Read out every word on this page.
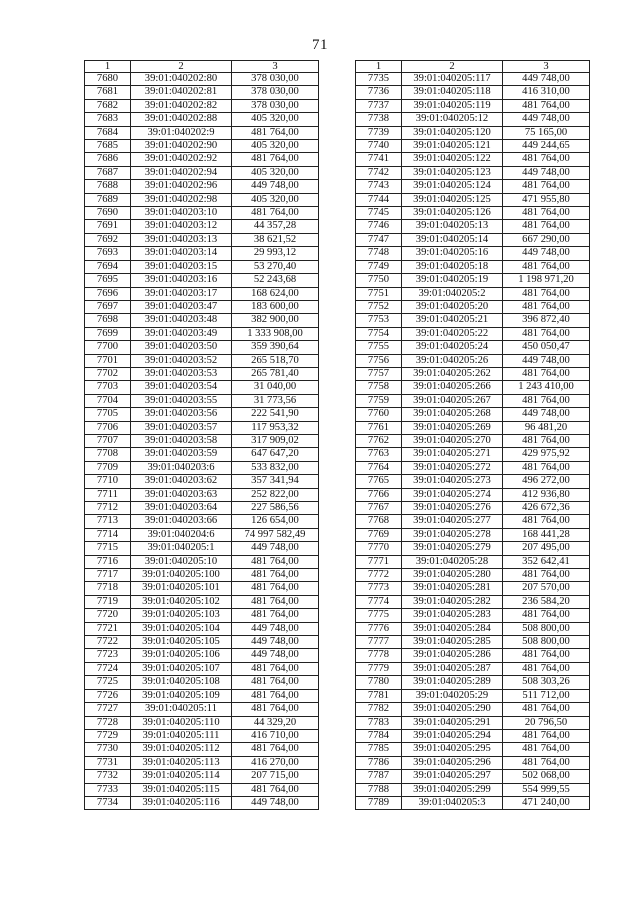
71
1	2	3
7680	39:01:040202:80	378 030,00
7681	39:01:040202:81	378 030,00
7682	39:01:040202:82	378 030,00
7683	39:01:040202:88	405 320,00
7684	39:01:040202:9	481 764,00
7685	39:01:040202:90	405 320,00
7686	39:01:040202:92	481 764,00
7687	39:01:040202:94	405 320,00
7688	39:01:040202:96	449 748,00
7689	39:01:040202:98	405 320,00
7690	39:01:040203:10	481 764,00
7691	39:01:040203:12	44 357,28
7692	39:01:040203:13	38 621,52
7693	39:01:040203:14	29 993,12
7694	39:01:040203:15	53 270,40
7695	39:01:040203:16	52 243,68
7696	39:01:040203:17	168 624,00
7697	39:01:040203:47	183 600,00
7698	39:01:040203:48	382 900,00
7699	39:01:040203:49	1 333 908,00
7700	39:01:040203:50	359 390,64
7701	39:01:040203:52	265 518,70
7702	39:01:040203:53	265 781,40
7703	39:01:040203:54	31 040,00
7704	39:01:040203:55	31 773,56
7705	39:01:040203:56	222 541,90
7706	39:01:040203:57	117 953,32
7707	39:01:040203:58	317 909,02
7708	39:01:040203:59	647 647,20
7709	39:01:040203:6	533 832,00
7710	39:01:040203:62	357 341,94
7711	39:01:040203:63	252 822,00
7712	39:01:040203:64	227 586,56
7713	39:01:040203:66	126 654,00
7714	39:01:040204:6	74 997 582,49
7715	39:01:040205:1	449 748,00
7716	39:01:040205:10	481 764,00
7717	39:01:040205:100	481 764,00
7718	39:01:040205:101	481 764,00
7719	39:01:040205:102	481 764,00
7720	39:01:040205:103	481 764,00
7721	39:01:040205:104	449 748,00
7722	39:01:040205:105	449 748,00
7723	39:01:040205:106	449 748,00
7724	39:01:040205:107	481 764,00
7725	39:01:040205:108	481 764,00
7726	39:01:040205:109	481 764,00
7727	39:01:040205:11	481 764,00
7728	39:01:040205:110	44 329,20
7729	39:01:040205:111	416 710,00
7730	39:01:040205:112	481 764,00
7731	39:01:040205:113	416 270,00
7732	39:01:040205:114	207 715,00
7733	39:01:040205:115	481 764,00
7734	39:01:040205:116	449 748,00
1	2	3
7735	39:01:040205:117	449 748,00
7736	39:01:040205:118	416 310,00
7737	39:01:040205:119	481 764,00
7738	39:01:040205:12	449 748,00
7739	39:01:040205:120	75 165,00
7740	39:01:040205:121	449 244,65
7741	39:01:040205:122	481 764,00
7742	39:01:040205:123	449 748,00
7743	39:01:040205:124	481 764,00
7744	39:01:040205:125	471 955,80
7745	39:01:040205:126	481 764,00
7746	39:01:040205:13	481 764,00
7747	39:01:040205:14	667 290,00
7748	39:01:040205:16	449 748,00
7749	39:01:040205:18	481 764,00
7750	39:01:040205:19	1 198 971,20
7751	39:01:040205:2	481 764,00
7752	39:01:040205:20	481 764,00
7753	39:01:040205:21	396 872,40
7754	39:01:040205:22	481 764,00
7755	39:01:040205:24	450 050,47
7756	39:01:040205:26	449 748,00
7757	39:01:040205:262	481 764,00
7758	39:01:040205:266	1 243 410,00
7759	39:01:040205:267	481 764,00
7760	39:01:040205:268	449 748,00
7761	39:01:040205:269	96 481,20
7762	39:01:040205:270	481 764,00
7763	39:01:040205:271	429 975,92
7764	39:01:040205:272	481 764,00
7765	39:01:040205:273	496 272,00
7766	39:01:040205:274	412 936,80
7767	39:01:040205:276	426 672,36
7768	39:01:040205:277	481 764,00
7769	39:01:040205:278	168 441,28
7770	39:01:040205:279	207 495,00
7771	39:01:040205:28	352 642,41
7772	39:01:040205:280	481 764,00
7773	39:01:040205:281	207 570,00
7774	39:01:040205:282	236 584,20
7775	39:01:040205:283	481 764,00
7776	39:01:040205:284	508 800,00
7777	39:01:040205:285	508 800,00
7778	39:01:040205:286	481 764,00
7779	39:01:040205:287	481 764,00
7780	39:01:040205:289	508 303,26
7781	39:01:040205:29	511 712,00
7782	39:01:040205:290	481 764,00
7783	39:01:040205:291	20 796,50
7784	39:01:040205:294	481 764,00
7785	39:01:040205:295	481 764,00
7786	39:01:040205:296	481 764,00
7787	39:01:040205:297	502 068,00
7788	39:01:040205:299	554 999,55
7789	39:01:040205:3	471 240,00
